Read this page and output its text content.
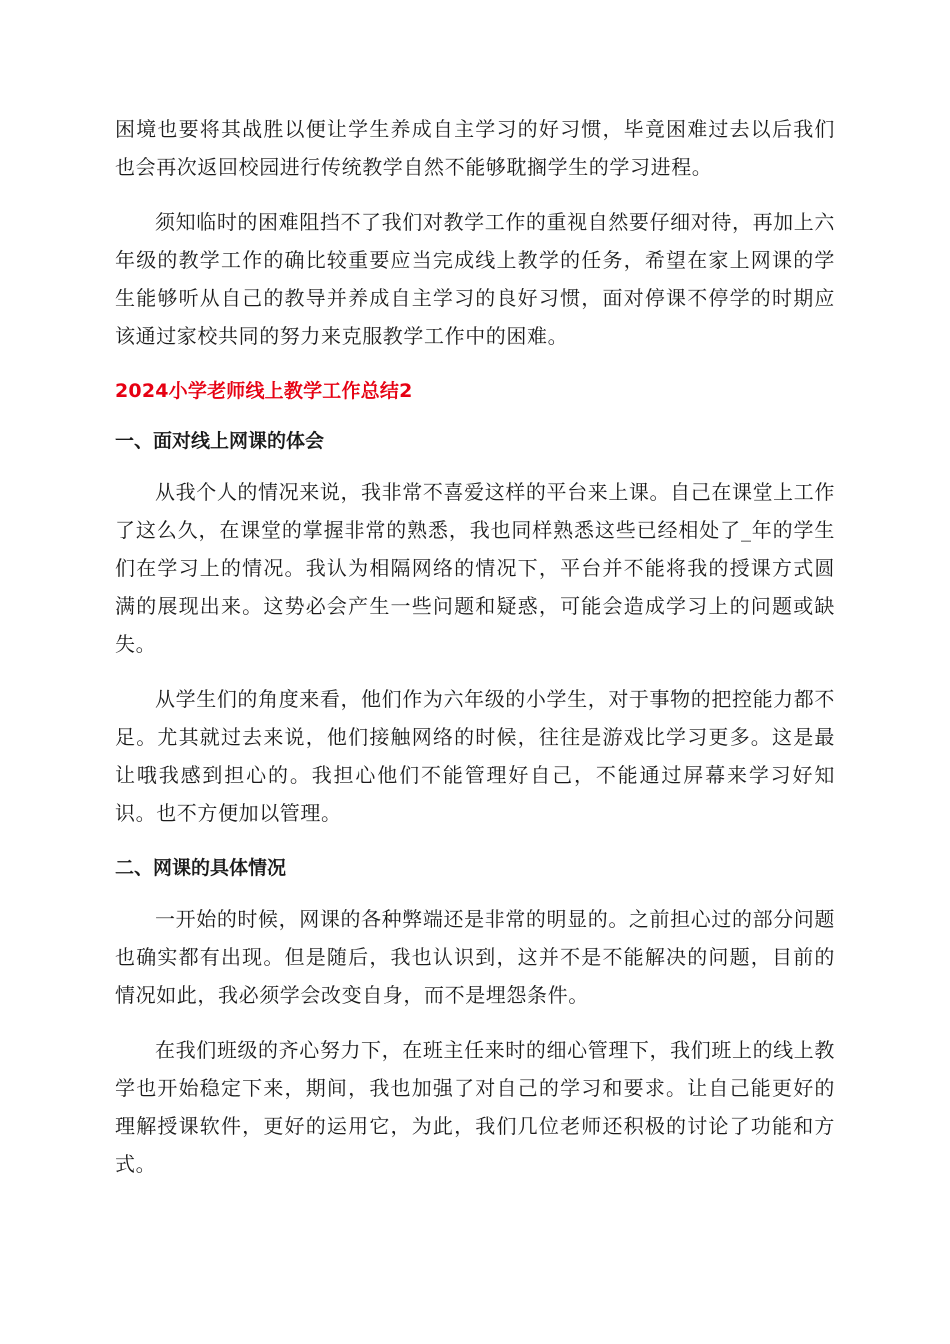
困境也要将其战胜以便让学生养成自主学习的好习惯，毕竟困难过去以后我们也会再次返回校园进行传统教学自然不能够耽搁学生的学习进程。

须知临时的困难阻挡不了我们对教学工作的重视自然要仔细对待，再加上六年级的教学工作的确比较重要应当完成线上教学的任务，希望在家上网课的学生能够听从自己的教导并养成自主学习的良好习惯，面对停课不停学的时期应该通过家校共同的努力来克服教学工作中的困难。

2024小学老师线上教学工作总结2
一、面对线上网课的体会

从我个人的情况来说，我非常不喜爱这样的平台来上课。自己在课堂上工作了这么久，在课堂的掌握非常的熟悉，我也同样熟悉这些已经相处了_年的学生们在学习上的情况。我认为相隔网络的情况下，平台并不能将我的授课方式圆满的展现出来。这势必会产生一些问题和疑惑，可能会造成学习上的问题或缺失。

从学生们的角度来看，他们作为六年级的小学生，对于事物的把控能力都不足。尤其就过去来说，他们接触网络的时候，往往是游戏比学习更多。这是最让哦我感到担心的。我担心他们不能管理好自己，不能通过屏幕来学习好知识。也不方便加以管理。

二、网课的具体情况

一开始的时候，网课的各种弊端还是非常的明显的。之前担心过的部分问题也确实都有出现。但是随后，我也认识到，这并不是不能解决的问题，目前的情况如此，我必须学会改变自身，而不是埋怨条件。

在我们班级的齐心努力下，在班主任来时的细心管理下，我们班上的线上教学也开始稳定下来，期间，我也加强了对自己的学习和要求。让自己能更好的理解授课软件，更好的运用它，为此，我们几位老师还积极的讨论了功能和方式。
